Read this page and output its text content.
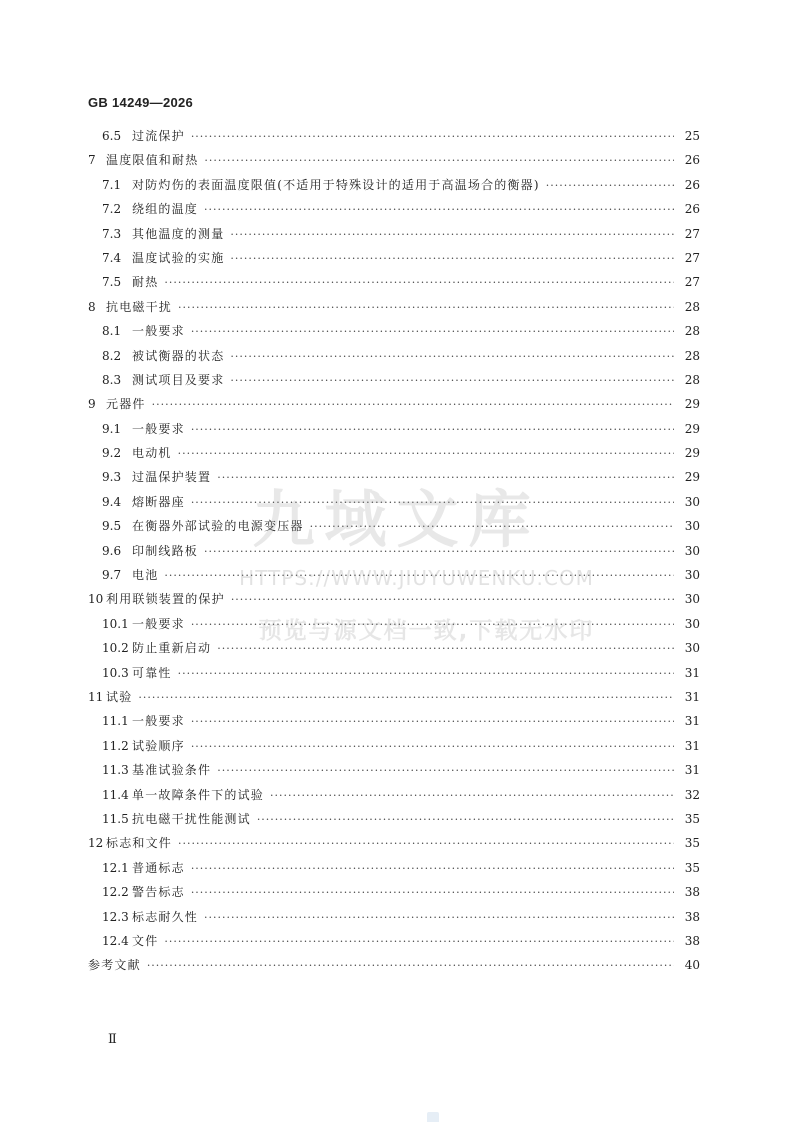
GB 14249—2026
6.5 过流保护 ·····	25
7 温度限值和耐热 ·····	26
7.1 对防灼伤的表面温度限值(不适用于特殊设计的适用于高温场合的衡器) ·····	26
7.2 绕组的温度 ·····	26
7.3 其他温度的测量 ·····	27
7.4 温度试验的实施 ·····	27
7.5 耐热 ·····	27
8 抗电磁干扰 ·····	28
8.1 一般要求 ·····	28
8.2 被试衡器的状态 ·····	28
8.3 测试项目及要求 ·····	28
9 元器件 ·····	29
9.1 一般要求 ·····	29
9.2 电动机 ·····	29
9.3 过温保护装置 ·····	29
9.4 熔断器座 ·····	30
9.5 在衡器外部试验的电源变压器 ·····	30
9.6 印制线路板 ·····	30
9.7 电池 ·····	30
10 利用联锁装置的保护 ·····	30
10.1 一般要求 ·····	30
10.2 防止重新启动 ·····	30
10.3 可靠性 ·····	31
11 试验 ·····	31
11.1 一般要求 ·····	31
11.2 试验顺序 ·····	31
11.3 基准试验条件 ·····	31
11.4 单一故障条件下的试验 ·····	32
11.5 抗电磁干扰性能测试 ·····	35
12 标志和文件 ·····	35
12.1 普通标志 ·····	35
12.2 警告标志 ·····	38
12.3 标志耐久性 ·····	38
12.4 文件 ·····	38
参考文献 ·····	40
Ⅱ
九域文库
HTTPS://WWW.JIUYUWENKU.COM
预览与源文档一致,下载无水印
